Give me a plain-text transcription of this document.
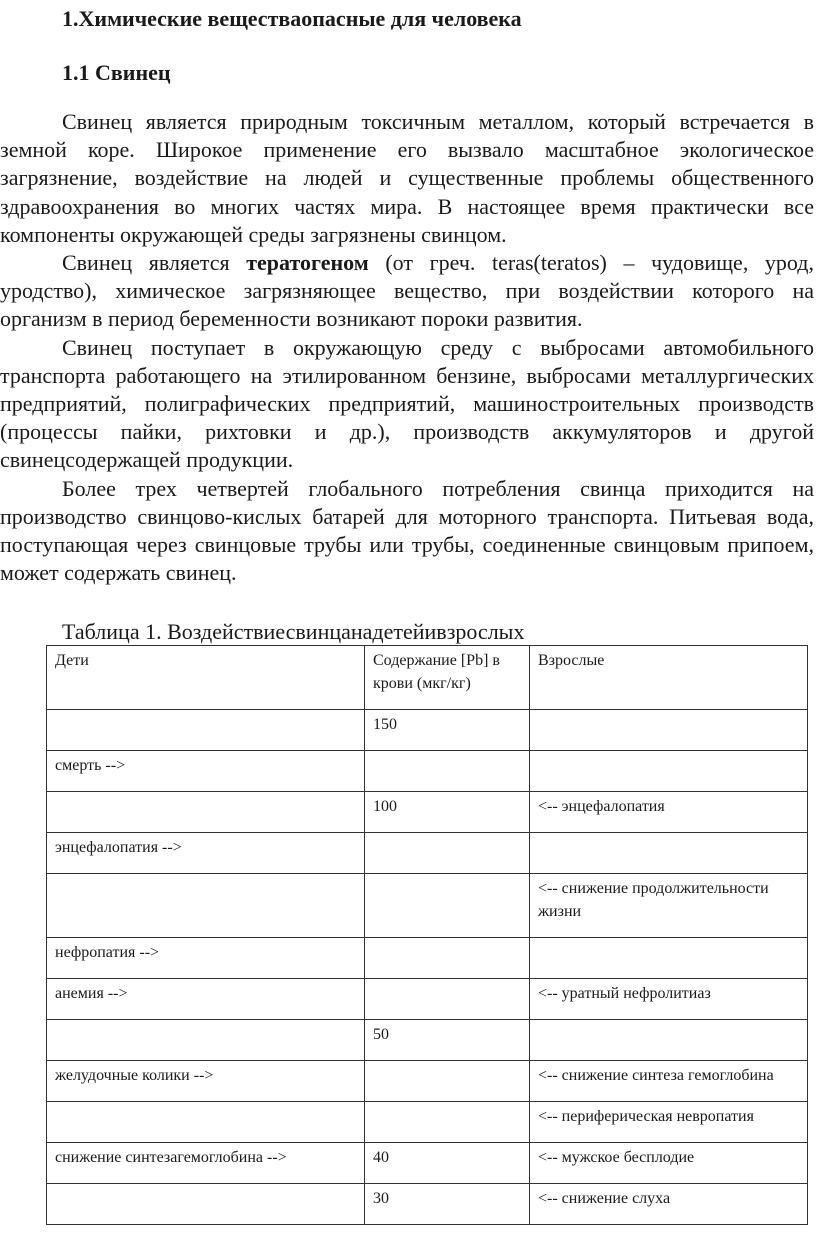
1.Химические веществаопасные для человека
1.1 Свинец

Свинец является природным токсичным металлом, который встречается в земной коре. Широкое применение его вызвало масштабное экологическое загрязнение, воздействие на людей и существенные проблемы общественного здравоохранения во многих частях мира. В настоящее время практически все компоненты окружающей среды загрязнены свинцом.

Свинец является тератогеном (от греч. teras(teratos) – чудовище, урод, уродство), химическое загрязняющее вещество, при воздействии которого на организм в период беременности возникают пороки развития.

Свинец поступает в окружающую среду с выбросами автомобильного транспорта работающего на этилированном бензине, выбросами металлургических предприятий, полиграфических предприятий, машиностроительных производств (процессы пайки, рихтовки и др.), производств аккумуляторов и другой свинецсодержащей продукции.

Более трех четвертей глобального потребления свинца приходится на производство свинцово-кислых батарей для моторного транспорта. Питьевая вода, поступающая через свинцовые трубы или трубы, соединенные свинцовым припоем, может содержать свинец.

Таблица 1. Воздействиесвинцанадетейивзрослых

Дети	Содержание [Pb] в крови (мкг/кг)	Взрослые
	150	
смерть -->		
	100	<-- энцефалопатия
энцефалопатия -->		
		<-- снижение продолжительности жизни
нефропатия -->		
анемия -->		<-- уратный нефролитиаз
	50	
желудочные колики -->		<-- снижение синтеза гемоглобина
		<-- периферическая невропатия
снижение синтезагемоглобина -->	40	<-- мужское бесплодие
	30	<-- снижение слуха
